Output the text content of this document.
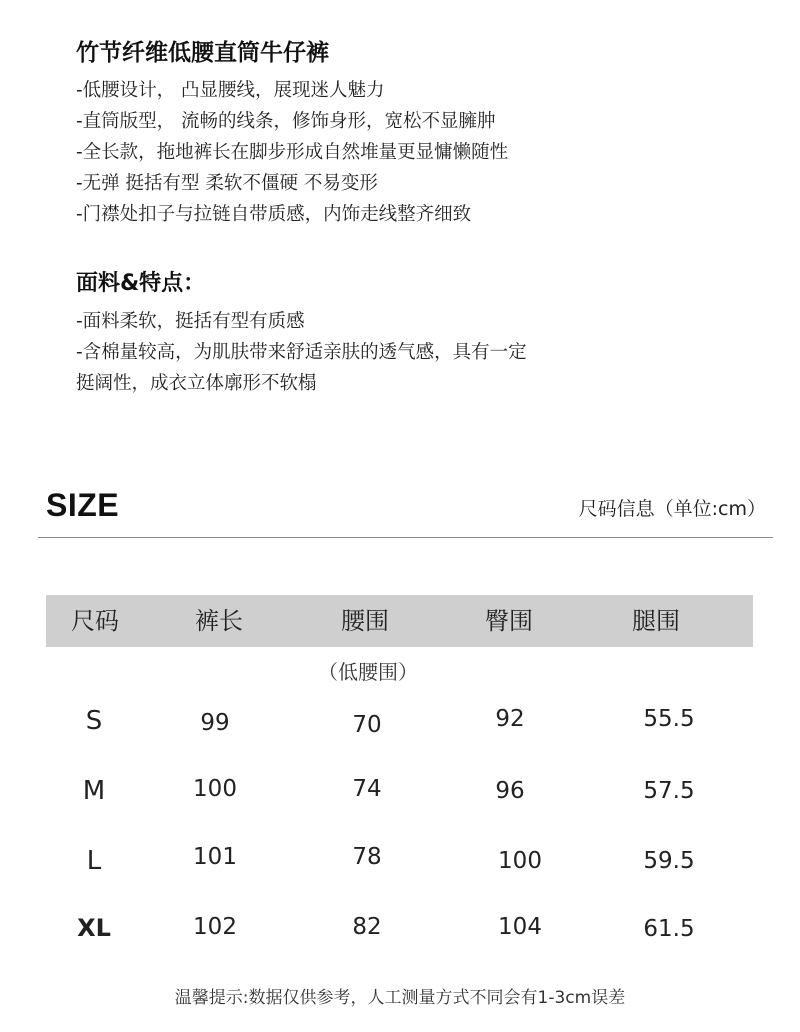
竹节纤维低腰直筒牛仔裤
-低腰设计， 凸显腰线，展现迷人魅力
-直筒版型， 流畅的线条，修饰身形，宽松不显臃肿
-全长款，拖地裤长在脚步形成自然堆量更显慵懒随性
-无弹 挺括有型 柔软不僵硬 不易变形
-门襟处扣子与拉链自带质感，内饰走线整齐细致
面料&特点：
-面料柔软，挺括有型有质感
-含棉量较高，为肌肤带来舒适亲肤的透气感，具有一定
挺阔性，成衣立体廓形不软榻
SIZE	尺码信息（单位:cm）
尺码	裤长	腰围	臀围	腿围
（低腰围）
S	99	70	92	55.5
M	100	74	96	57.5
L	101	78	100	59.5
XL	102	82	104	61.5
温馨提示:数据仅供参考，人工测量方式不同会有1-3cm误差
